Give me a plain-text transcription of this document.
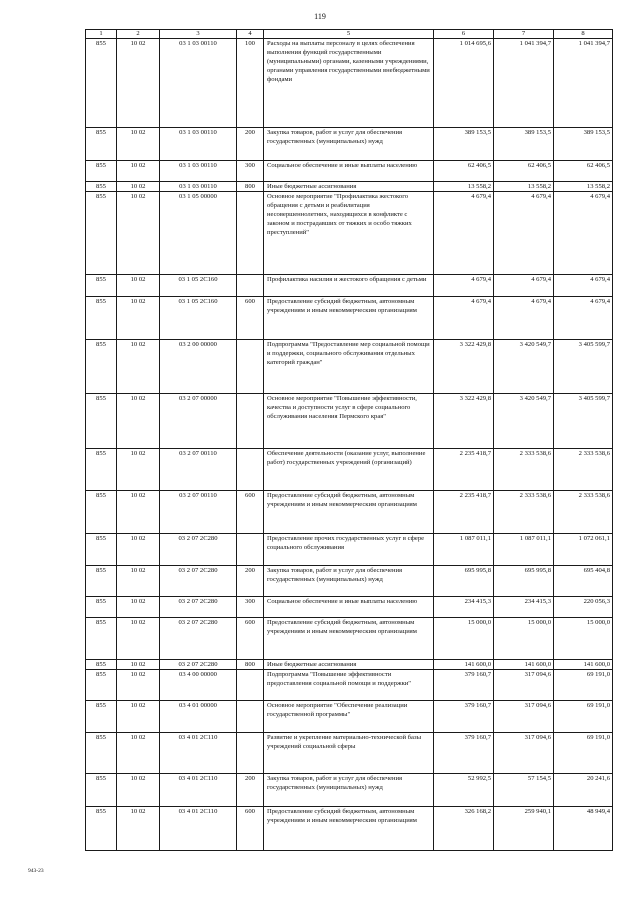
119
1	2	3	4	5	6	7	8
855	10 02	03 1 03 00110	100	Расходы на выплаты персоналу в целях обеспечения выполнения функций государственными (муниципальными) органами, казенными учреждениями, органами управления государственными внебюджетными фондами	1 014 695,6	1 041 394,7	1 041 394,7
855	10 02	03 1 03 00110	200	Закупка товаров, работ и услуг для обеспечения государственных (муниципальных) нужд	389 153,5	389 153,5	389 153,5
855	10 02	03 1 03 00110	300	Социальное обеспечение и иные выплаты населению	62 406,5	62 406,5	62 406,5
855	10 02	03 1 03 00110	800	Иные бюджетные ассигнования	13 558,2	13 558,2	13 558,2
855	10 02	03 1 05 00000		Основное мероприятие "Профилактика жестокого обращения с детьми и реабилитация несовершеннолетних, находящихся в конфликте с законом и пострадавших от тяжких и особо тяжких преступлений"	4 679,4	4 679,4	4 679,4
855	10 02	03 1 05 2C160		Профилактика насилия и жестокого обращения с детьми	4 679,4	4 679,4	4 679,4
855	10 02	03 1 05 2C160	600	Предоставление субсидий бюджетным, автономным учреждениям и иным некоммерческим организациям	4 679,4	4 679,4	4 679,4
855	10 02	03 2 00 00000		Подпрограмма "Предоставление мер социальной помощи и поддержки, социального обслуживания отдельных категорий граждан"	3 322 429,8	3 420 549,7	3 405 599,7
855	10 02	03 2 07 00000		Основное мероприятие "Повышение эффективности, качества и доступности услуг в сфере социального обслуживания населения Пермского края"	3 322 429,8	3 420 549,7	3 405 599,7
855	10 02	03 2 07 00110		Обеспечение деятельности (оказание услуг, выполнение работ) государственных учреждений (организаций)	2 235 418,7	2 333 538,6	2 333 538,6
855	10 02	03 2 07 00110	600	Предоставление субсидий бюджетным, автономным учреждениям и иным некоммерческим организациям	2 235 418,7	2 333 538,6	2 333 538,6
855	10 02	03 2 07 2C280		Предоставление прочих государственных услуг в сфере социального обслуживания	1 087 011,1	1 087 011,1	1 072 061,1
855	10 02	03 2 07 2C280	200	Закупка товаров, работ и услуг для обеспечения государственных (муниципальных) нужд	695 995,8	695 995,8	695 404,8
855	10 02	03 2 07 2C280	300	Социальное обеспечение и иные выплаты населению	234 415,3	234 415,3	220 056,3
855	10 02	03 2 07 2C280	600	Предоставление субсидий бюджетным, автономным учреждениям и иным некоммерческим организациям	15 000,0	15 000,0	15 000,0
855	10 02	03 2 07 2C280	800	Иные бюджетные ассигнования	141 600,0	141 600,0	141 600,0
855	10 02	03 4 00 00000		Подпрограмма "Повышение эффективности предоставления социальной помощи и поддержки"	379 160,7	317 094,6	69 191,0
855	10 02	03 4 01 00000		Основное мероприятие "Обеспечение реализации государственной программы"	379 160,7	317 094,6	69 191,0
855	10 02	03 4 01 2C110		Развитие и укрепление материально-технической базы учреждений социальной сферы	379 160,7	317 094,6	69 191,0
855	10 02	03 4 01 2C110	200	Закупка товаров, работ и услуг для обеспечения государственных (муниципальных) нужд	52 992,5	57 154,5	20 241,6
855	10 02	03 4 01 2C110	600	Предоставление субсидий бюджетным, автономным учреждениям и иным некоммерческим организациям	326 168,2	259 940,1	48 949,4
943-23
